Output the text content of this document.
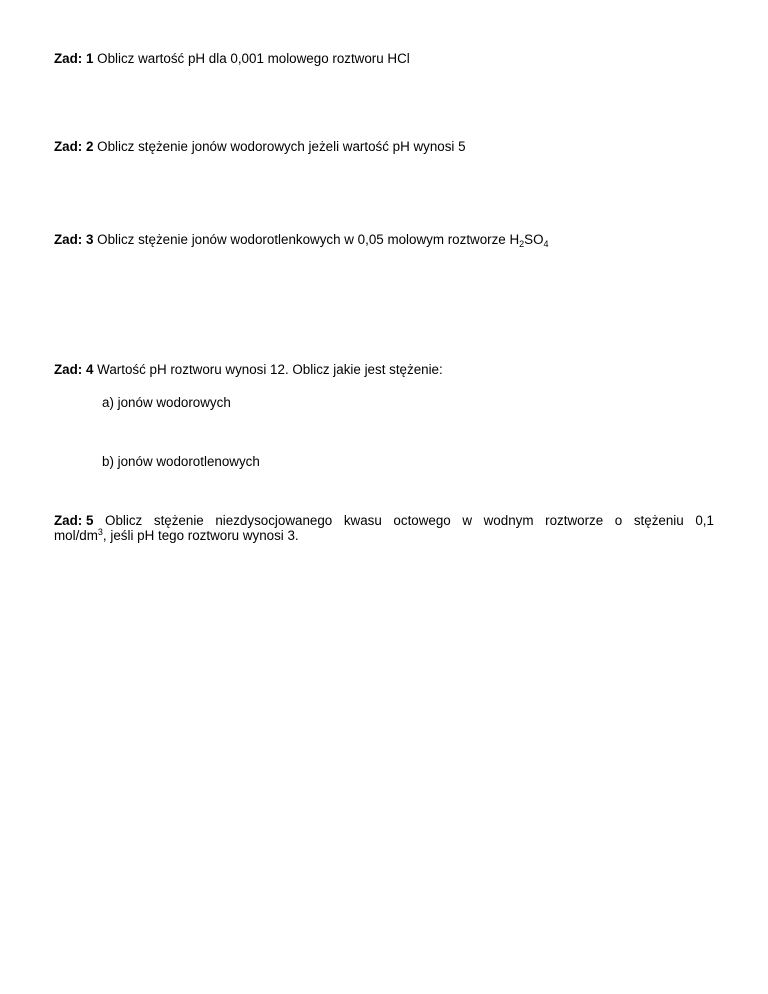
Zad: 1 Oblicz wartość pH dla 0,001 molowego roztworu HCl
Zad: 2 Oblicz stężenie jonów wodorowych jeżeli wartość pH wynosi 5
Zad: 3 Oblicz stężenie jonów wodorotlenkowych w 0,05 molowym roztworze $H_2SO_4$
Zad: 4 Wartość pH roztworu wynosi 12. Oblicz jakie jest stężenie:
a) jonów wodorowych
b) jonów wodorotlenowych
Zad: 5 Oblicz stężenie niezdysocjowanego kwasu octowego w wodnym roztworze o stężeniu 0,1
mol/$dm^3$, jeśli pH tego roztworu wynosi 3.
